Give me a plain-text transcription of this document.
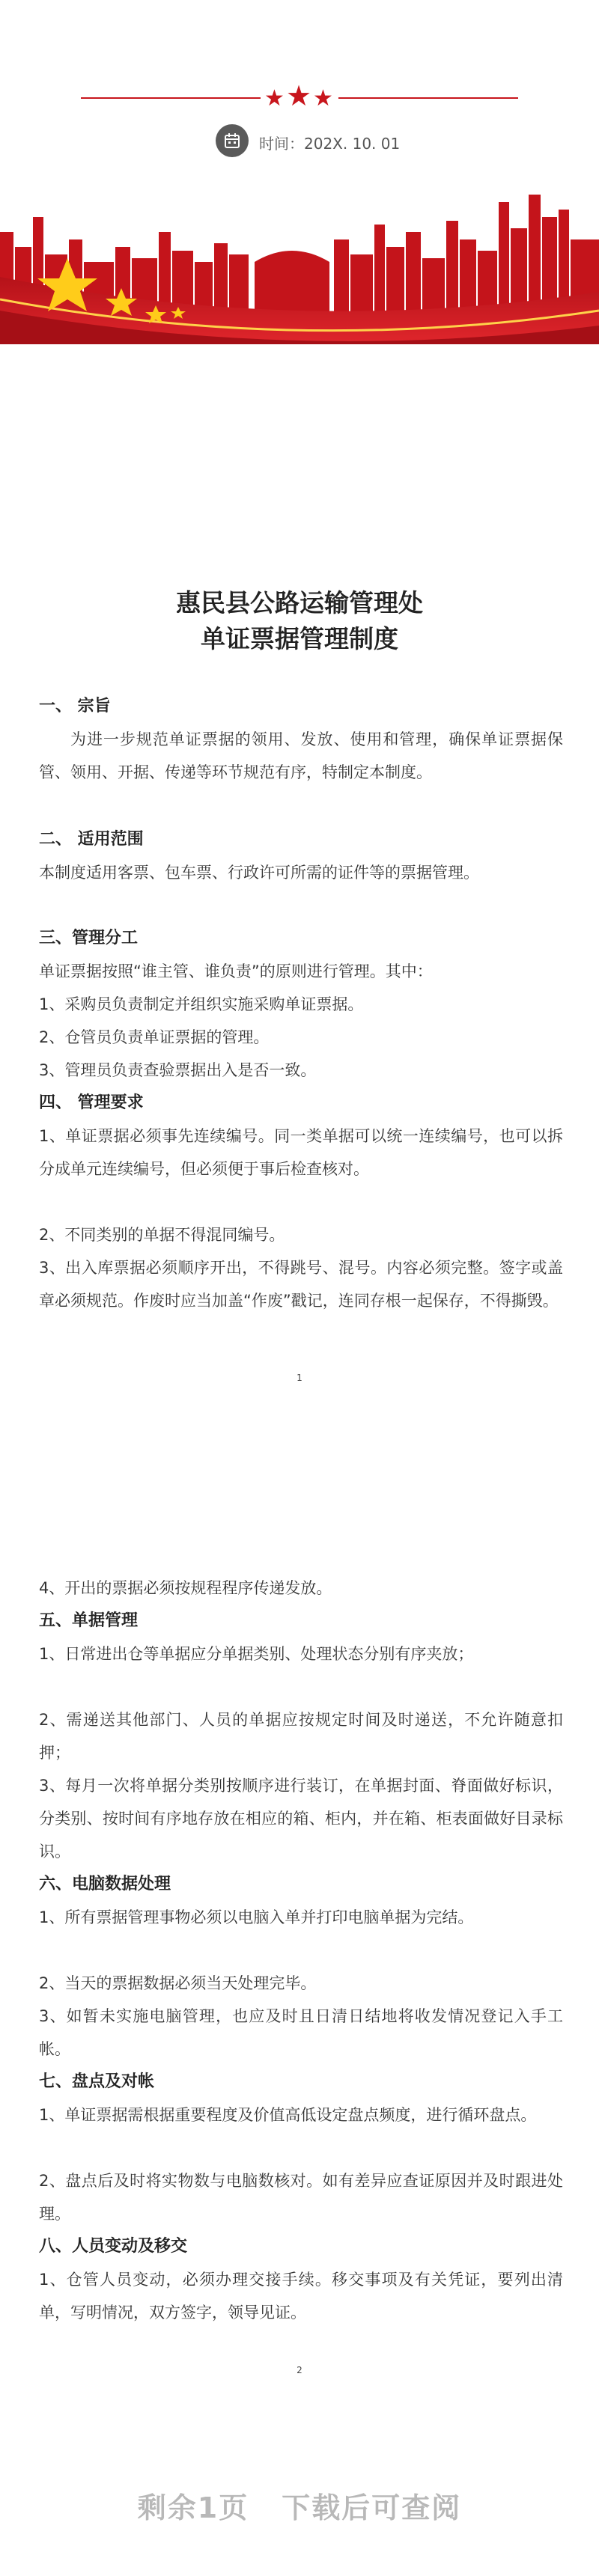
★★★
时间：202X. 10. 01
惠民县公路运输管理处
单证票据管理制度

一、 宗旨

为进一步规范单证票据的领用、发放、使用和管理，确保单证票据保管、领用、开据、传递等环节规范有序，特制定本制度。

二、 适用范围

本制度适用客票、包车票、行政许可所需的证件等的票据管理。

三、管理分工

单证票据按照“谁主管、谁负责”的原则进行管理。其中：

1、采购员负责制定并组织实施采购单证票据。

2、仓管员负责单证票据的管理。

3、管理员负责查验票据出入是否一致。

四、 管理要求

1、单证票据必须事先连续编号。同一类单据可以统一连续编号，也可以拆分成单元连续编号，但必须便于事后检查核对。

2、不同类别的单据不得混同编号。

3、出入库票据必须顺序开出，不得跳号、混号。内容必须完整。签字或盖章必须规范。作废时应当加盖“作废”戳记，连同存根一起保存，不得撕毁。

1

4、开出的票据必须按规程程序传递发放。

五、单据管理

1、日常进出仓等单据应分单据类别、处理状态分别有序夹放；

2、需递送其他部门、人员的单据应按规定时间及时递送，不允许随意扣押；

3、每月一次将单据分类别按顺序进行装订，在单据封面、脊面做好标识，分类别、按时间有序地存放在相应的箱、柜内，并在箱、柜表面做好目录标识。

六、电脑数据处理

1、所有票据管理事物必须以电脑入单并打印电脑单据为完结。

2、当天的票据数据必须当天处理完毕。

3、如暂未实施电脑管理，也应及时且日清日结地将收发情况登记入手工帐。

七、盘点及对帐

1、单证票据需根据重要程度及价值高低设定盘点频度，进行循环盘点。

2、盘点后及时将实物数与电脑数核对。如有差异应查证原因并及时跟进处理。

八、人员变动及移交

1、仓管人员变动，必须办理交接手续。移交事项及有关凭证，要列出清单，写明情况，双方签字，领导见证。

2
剩余1页 下载后可查阅
